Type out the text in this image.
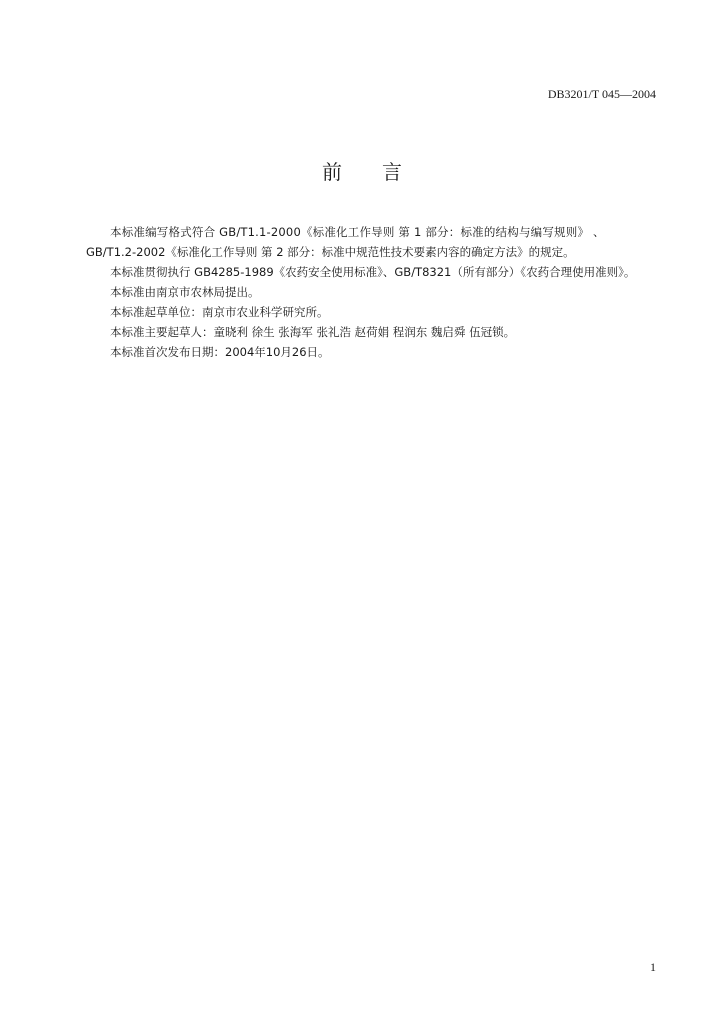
DB3201/T 045—2004
前 言

本标准编写格式符合 GB/T1.1-2000《标准化工作导则 第 1 部分：标准的结构与编写规则》 、
GB/T1.2-2002《标准化工作导则 第 2 部分：标准中规范性技术要素内容的确定方法》的规定。

本标准贯彻执行 GB4285-1989《农药安全使用标准》、GB/T8321（所有部分）《农药合理使用准则》。

本标准由南京市农林局提出。

本标准起草单位：南京市农业科学研究所。

本标准主要起草人：童晓利 徐生 张海军 张礼浩 赵荷娟 程润东 魏启舜 伍冠锁。

本标准首次发布日期：2004年10月26日。

1
